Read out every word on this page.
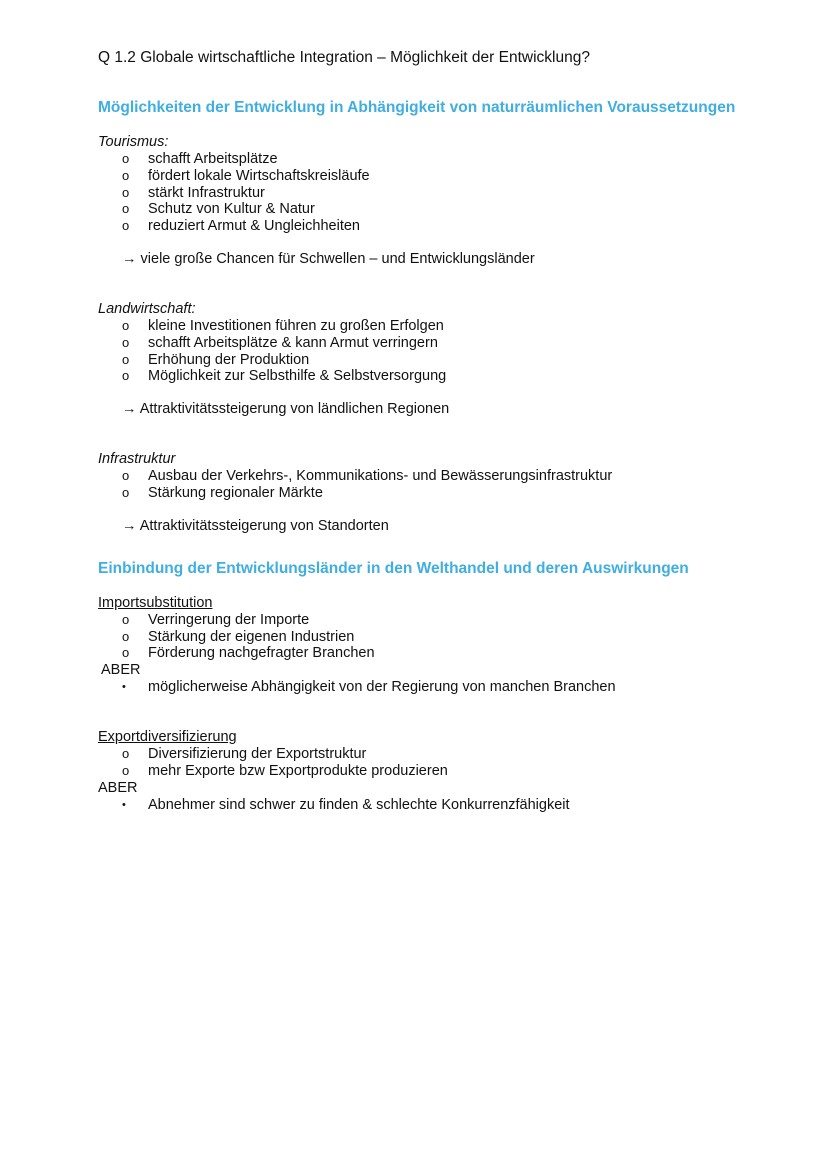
Q 1.2 Globale wirtschaftliche Integration – Möglichkeit der Entwicklung?

Möglichkeiten der Entwicklung in Abhängigkeit von naturräumlichen Voraussetzungen

Tourismus:

o schafft Arbeitsplätze
o fördert lokale Wirtschaftskreisläufe
o stärkt Infrastruktur
o Schutz von Kultur & Natur
o reduziert Armut & Ungleichheiten

→ viele große Chancen für Schwellen – und Entwicklungsländer

Landwirtschaft:

o kleine Investitionen führen zu großen Erfolgen
o schafft Arbeitsplätze & kann Armut verringern
o Erhöhung der Produktion
o Möglichkeit zur Selbsthilfe & Selbstversorgung

→ Attraktivitätssteigerung von ländlichen Regionen

Infrastruktur

o Ausbau der Verkehrs-, Kommunikations- und Bewässerungsinfrastruktur
o Stärkung regionaler Märkte

→ Attraktivitätssteigerung von Standorten

Einbindung der Entwicklungsländer in den Welthandel und deren Auswirkungen

Importsubstitution

o Verringerung der Importe
o Stärkung der eigenen Industrien
o Förderung nachgefragter Branchen

ABER

• möglicherweise Abhängigkeit von der Regierung von manchen Branchen

Exportdiversifizierung

o Diversifizierung der Exportstruktur
o mehr Exporte bzw Exportprodukte produzieren

ABER

• Abnehmer sind schwer zu finden & schlechte Konkurrenzfähigkeit
